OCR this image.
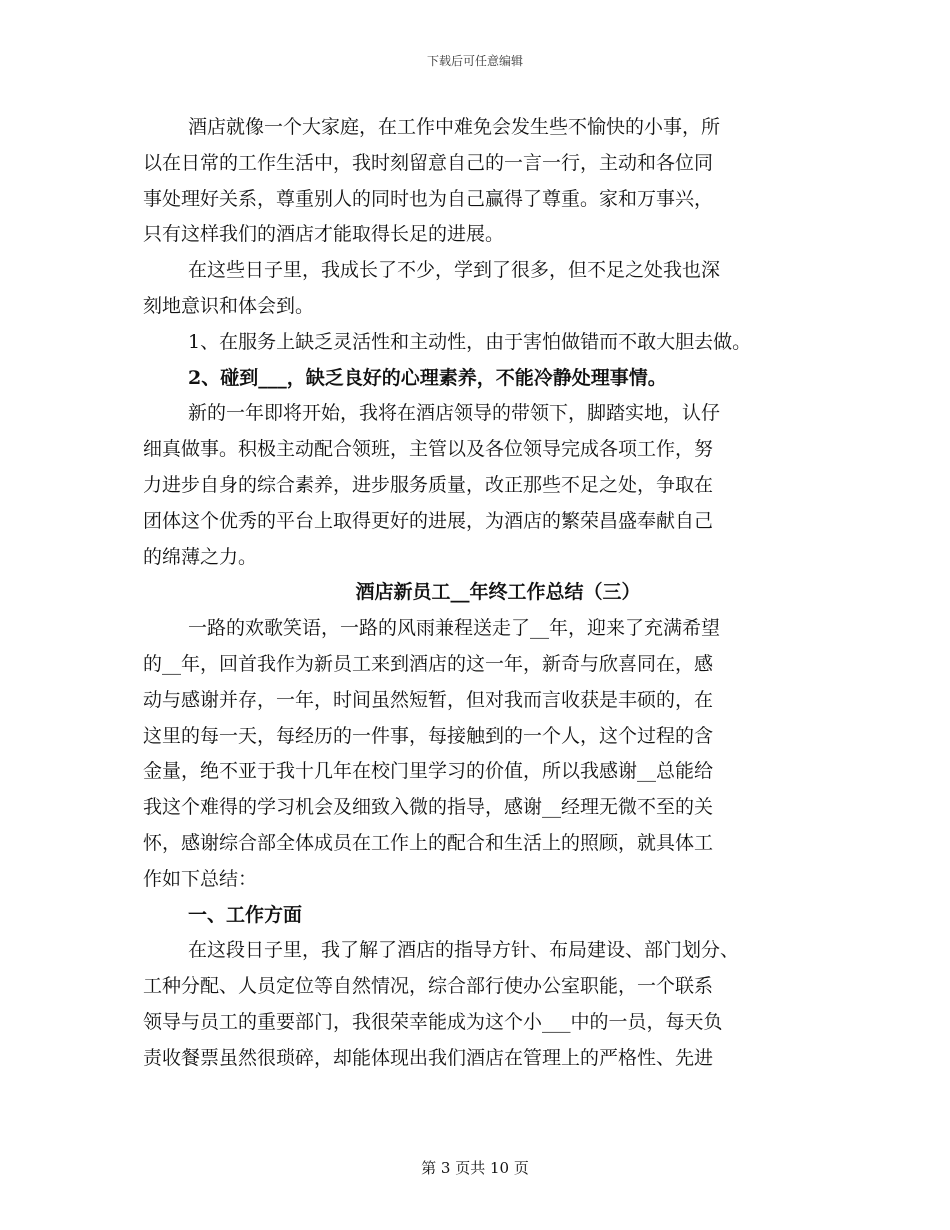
下载后可任意编辑
酒店就像一个大家庭，在工作中难免会发生些不愉快的小事，所
以在日常的工作生活中，我时刻留意自己的一言一行，主动和各位同
事处理好关系，尊重别人的同时也为自己赢得了尊重。家和万事兴，
只有这样我们的酒店才能取得长足的进展。
在这些日子里，我成长了不少，学到了很多，但不足之处我也深
刻地意识和体会到。
1、在服务上缺乏灵活性和主动性，由于害怕做错而不敢大胆去做。
2、碰到___，缺乏良好的心理素养，不能冷静处理事情。
新的一年即将开始，我将在酒店领导的带领下，脚踏实地，认仔
细真做事。积极主动配合领班，主管以及各位领导完成各项工作，努
力进步自身的综合素养，进步服务质量，改正那些不足之处，争取在
团体这个优秀的平台上取得更好的进展，为酒店的繁荣昌盛奉献自己
的绵薄之力。
酒店新员工__年终工作总结（三）
一路的欢歌笑语，一路的风雨兼程送走了__年，迎来了充满希望
的__年，回首我作为新员工来到酒店的这一年，新奇与欣喜同在，感
动与感谢并存，一年，时间虽然短暂，但对我而言收获是丰硕的，在
这里的每一天，每经历的一件事，每接触到的一个人，这个过程的含
金量，绝不亚于我十几年在校门里学习的价值，所以我感谢__总能给
我这个难得的学习机会及细致入微的指导，感谢__经理无微不至的关
怀，感谢综合部全体成员在工作上的配合和生活上的照顾，就具体工
作如下总结：
一、工作方面
在这段日子里，我了解了酒店的指导方针、布局建设、部门划分、
工种分配、人员定位等自然情况，综合部行使办公室职能，一个联系
领导与员工的重要部门，我很荣幸能成为这个小___中的一员，每天负
责收餐票虽然很琐碎，却能体现出我们酒店在管理上的严格性、先进
第 3 页共 10 页
